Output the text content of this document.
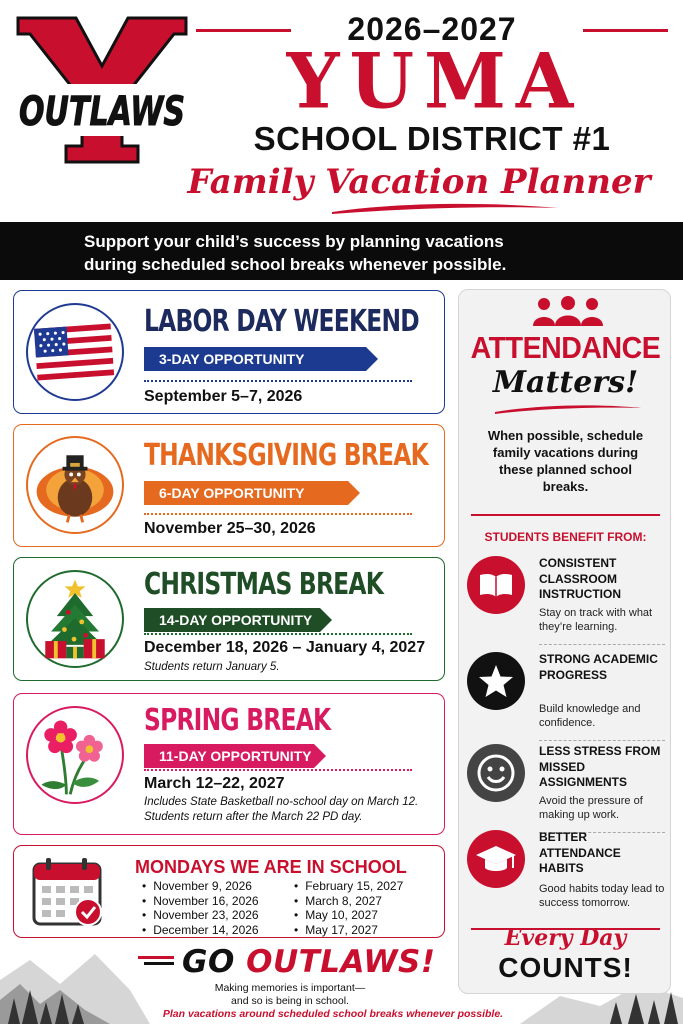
OUTLAWS
2026–2027
YUMA
SCHOOL DISTRICT #1
Family Vacation Planner
Support your child’s success by planning vacations
during scheduled school breaks whenever possible.
LABOR DAY WEEKEND
3-DAY OPPORTUNITY
September 5–7, 2026
THANKSGIVING BREAK
6-DAY OPPORTUNITY
November 25–30, 2026
CHRISTMAS BREAK
14-DAY OPPORTUNITY
December 18, 2026 – January 4, 2027
Students return January 5.
SPRING BREAK
11-DAY OPPORTUNITY
March 12–22, 2027
Includes State Basketball no-school day on March 12.
Students return after the March 22 PD day.
MONDAYS WE ARE IN SCHOOL
• November 9, 2026
• November 16, 2026
• November 23, 2026
• December 14, 2026
• February 15, 2027
• March 8, 2027
• May 10, 2027
• May 17, 2027
GO OUTLAWS!
Making memories is important—
and so is being in school.
Plan vacations around scheduled school breaks whenever possible.
ATTENDANCE
Matters!
When possible, schedule family vacations during these planned school breaks.
STUDENTS BENEFIT FROM:
CONSISTENT CLASSROOM INSTRUCTION
Stay on track with what they’re learning.
STRONG ACADEMIC PROGRESS
Build knowledge and confidence.
LESS STRESS FROM MISSED ASSIGNMENTS
Avoid the pressure of making up work.
BETTER ATTENDANCE HABITS
Good habits today lead to success tomorrow.
Every Day
COUNTS!
